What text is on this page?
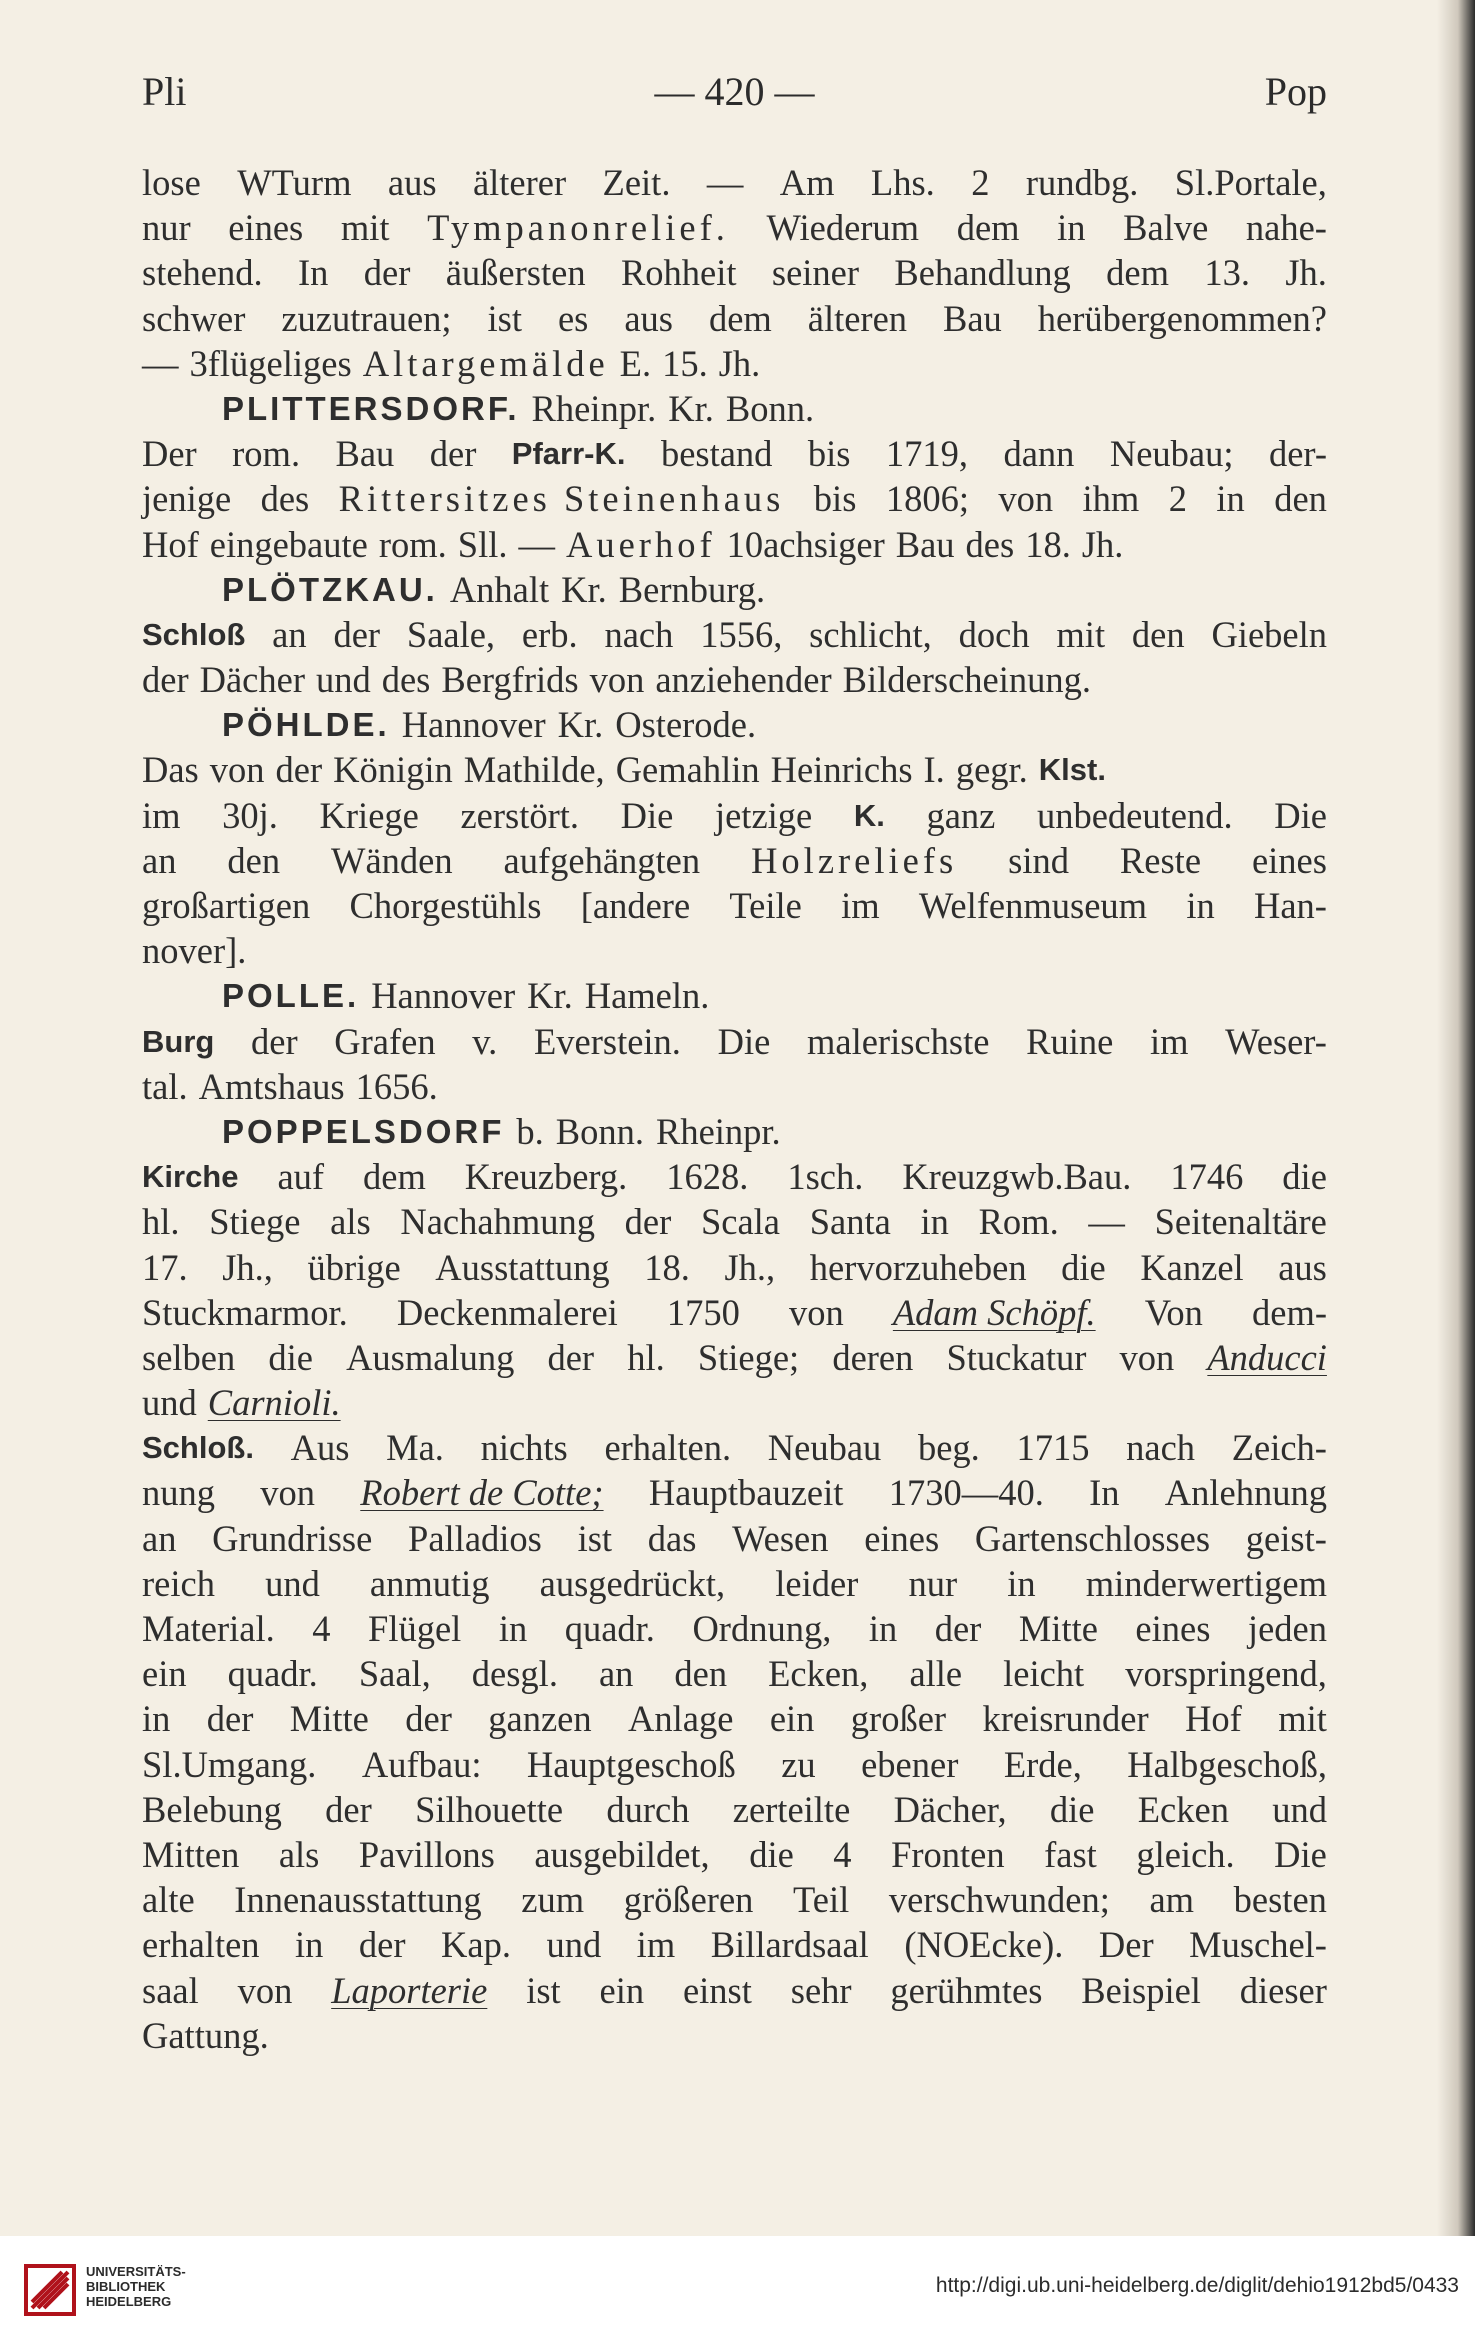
Pli	— 420 —	Pop
lose WTurm aus älterer Zeit. — Am Lhs. 2 rundbg. Sl.Portale,
nur eines mit Tympanonrelief. Wiederum dem in Balve nahe-
stehend. In der äußersten Rohheit seiner Behandlung dem 13. Jh.
schwer zuzutrauen; ist es aus dem älteren Bau herübergenommen?
— 3flügeliges Altargemälde E. 15. Jh.
PLITTERSDORF. Rheinpr. Kr. Bonn.
Der rom. Bau der Pfarr-K. bestand bis 1719, dann Neubau; der-
jenige des Rittersitzes Steinenhaus bis 1806; von ihm 2 in den
Hof eingebaute rom. Sll. — Auerhof 10achsiger Bau des 18. Jh.
PLÖTZKAU. Anhalt Kr. Bernburg.
Schloß an der Saale, erb. nach 1556, schlicht, doch mit den Giebeln
der Dächer und des Bergfrids von anziehender Bilderscheinung.
PÖHLDE. Hannover Kr. Osterode.
Das von der Königin Mathilde, Gemahlin Heinrichs I. gegr. Klst.
im 30j. Kriege zerstört. Die jetzige K. ganz unbedeutend. Die
an den Wänden aufgehängten Holzreliefs sind Reste eines
großartigen Chorgestühls [andere Teile im Welfenmuseum in Han-
nover].
POLLE. Hannover Kr. Hameln.
Burg der Grafen v. Everstein. Die malerischste Ruine im Weser-
tal. Amtshaus 1656.
POPPELSDORF b. Bonn. Rheinpr.
Kirche auf dem Kreuzberg. 1628. 1sch. Kreuzgwb.Bau. 1746 die
hl. Stiege als Nachahmung der Scala Santa in Rom. — Seitenaltäre
17. Jh., übrige Ausstattung 18. Jh., hervorzuheben die Kanzel aus
Stuckmarmor. Deckenmalerei 1750 von Adam Schöpf. Von dem-
selben die Ausmalung der hl. Stiege; deren Stuckatur von Anducci
und Carnioli.
Schloß. Aus Ma. nichts erhalten. Neubau beg. 1715 nach Zeich-
nung von Robert de Cotte; Hauptbauzeit 1730—40. In Anlehnung
an Grundrisse Palladios ist das Wesen eines Gartenschlosses geist-
reich und anmutig ausgedrückt, leider nur in minderwertigem
Material. 4 Flügel in quadr. Ordnung, in der Mitte eines jeden
ein quadr. Saal, desgl. an den Ecken, alle leicht vorspringend,
in der Mitte der ganzen Anlage ein großer kreisrunder Hof mit
Sl.Umgang. Aufbau: Hauptgeschoß zu ebener Erde, Halbgeschoß,
Belebung der Silhouette durch zerteilte Dächer, die Ecken und
Mitten als Pavillons ausgebildet, die 4 Fronten fast gleich. Die
alte Innenausstattung zum größeren Teil verschwunden; am besten
erhalten in der Kap. und im Billardsaal (NOEcke). Der Muschel-
saal von Laporterie ist ein einst sehr gerühmtes Beispiel dieser
Gattung.
UNIVERSITÄTS-
BIBLIOTHEK
HEIDELBERG
http://digi.ub.uni-heidelberg.de/diglit/dehio1912bd5/0433
